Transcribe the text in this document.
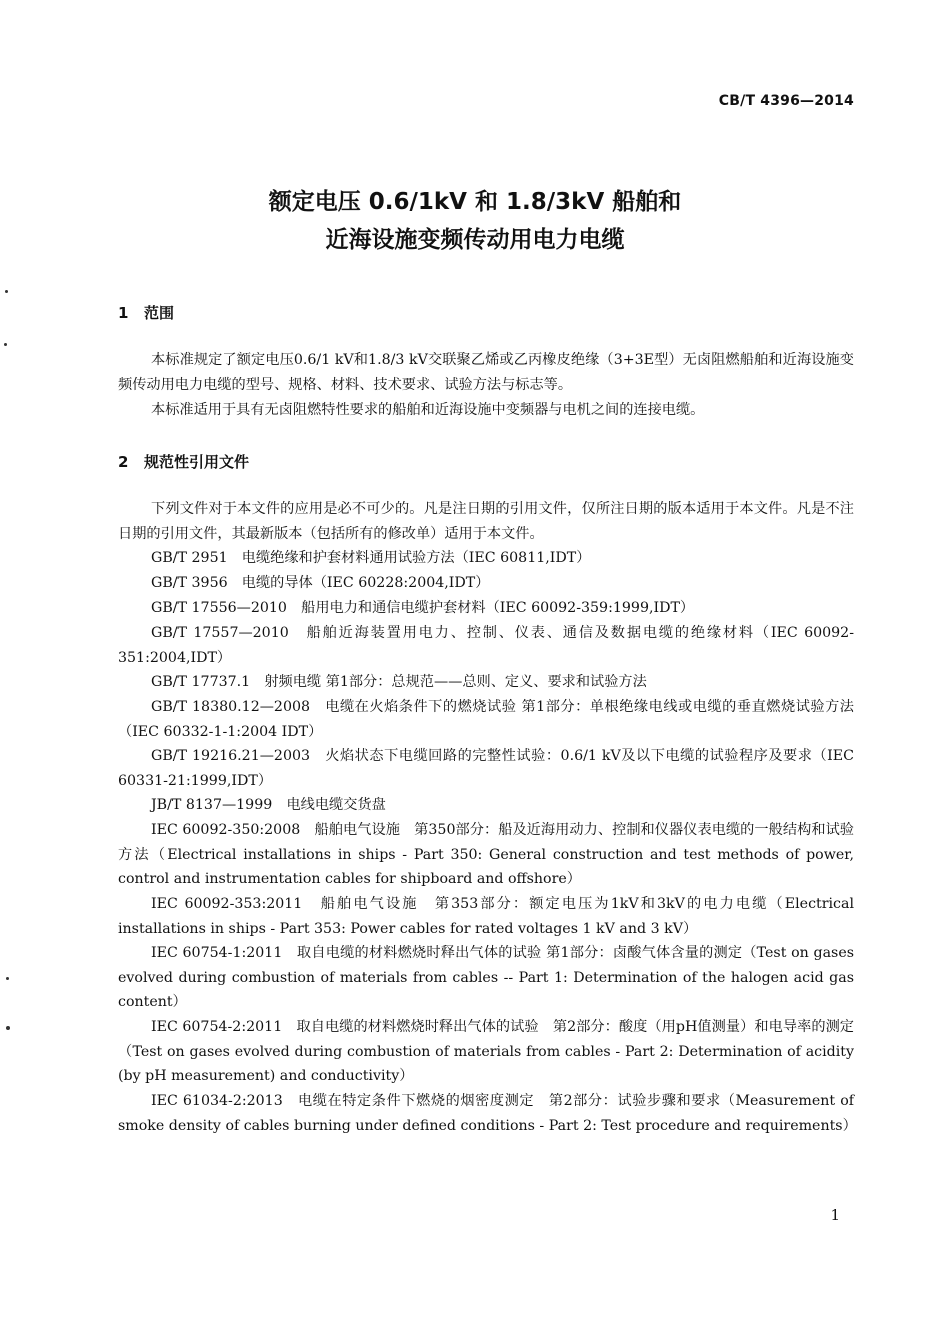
CB/T 4396—2014
额定电压 0.6/1kV 和 1.8/3kV 船舶和
近海设施变频传动用电力电缆
1 范围
本标准规定了额定电压0.6/1 kV和1.8/3 kV交联聚乙烯或乙丙橡皮绝缘（3+3E型）无卤阻燃船舶和近海设施变频传动用电力电缆的型号、规格、材料、技术要求、试验方法与标志等。
本标准适用于具有无卤阻燃特性要求的船舶和近海设施中变频器与电机之间的连接电缆。
2 规范性引用文件
下列文件对于本文件的应用是必不可少的。凡是注日期的引用文件，仅所注日期的版本适用于本文件。凡是不注日期的引用文件，其最新版本（包括所有的修改单）适用于本文件。
GB/T 2951　电缆绝缘和护套材料通用试验方法（IEC 60811,IDT）
GB/T 3956　电缆的导体（IEC 60228:2004,IDT）
GB/T 17556—2010　船用电力和通信电缆护套材料（IEC 60092-359:1999,IDT）
GB/T 17557—2010　船舶近海装置用电力、控制、仪表、通信及数据电缆的绝缘材料（IEC 60092-351:2004,IDT）
GB/T 17737.1　射频电缆 第1部分：总规范——总则、定义、要求和试验方法
GB/T 18380.12—2008　电缆在火焰条件下的燃烧试验 第1部分：单根绝缘电线或电缆的垂直燃烧试验方法（IEC 60332-1-1:2004 IDT）
GB/T 19216.21—2003　火焰状态下电缆回路的完整性试验：0.6/1 kV及以下电缆的试验程序及要求（IEC 60331-21:1999,IDT）
JB/T 8137—1999　电线电缆交货盘
IEC 60092-350:2008　船舶电气设施　第350部分：船及近海用动力、控制和仪器仪表电缆的一般结构和试验方法（Electrical installations in ships - Part 350: General construction and test methods of power, control and instrumentation cables for shipboard and offshore）
IEC 60092-353:2011　船舶电气设施　第353部分：额定电压为1kV和3kV的电力电缆（Electrical installations in ships - Part 353: Power cables for rated voltages 1 kV and 3 kV）
IEC 60754-1:2011　取自电缆的材料燃烧时释出气体的试验 第1部分：卤酸气体含量的测定（Test on gases evolved during combustion of materials from cables -- Part 1: Determination of the halogen acid gas content）
IEC 60754-2:2011　取自电缆的材料燃烧时释出气体的试验　第2部分：酸度（用pH值测量）和电导率的测定（Test on gases evolved during combustion of materials from cables - Part 2: Determination of acidity (by pH measurement) and conductivity）
IEC 61034-2:2013　电缆在特定条件下燃烧的烟密度测定　第2部分：试验步骤和要求（Measurement of smoke density of cables burning under defined conditions - Part 2: Test procedure and requirements）
1
